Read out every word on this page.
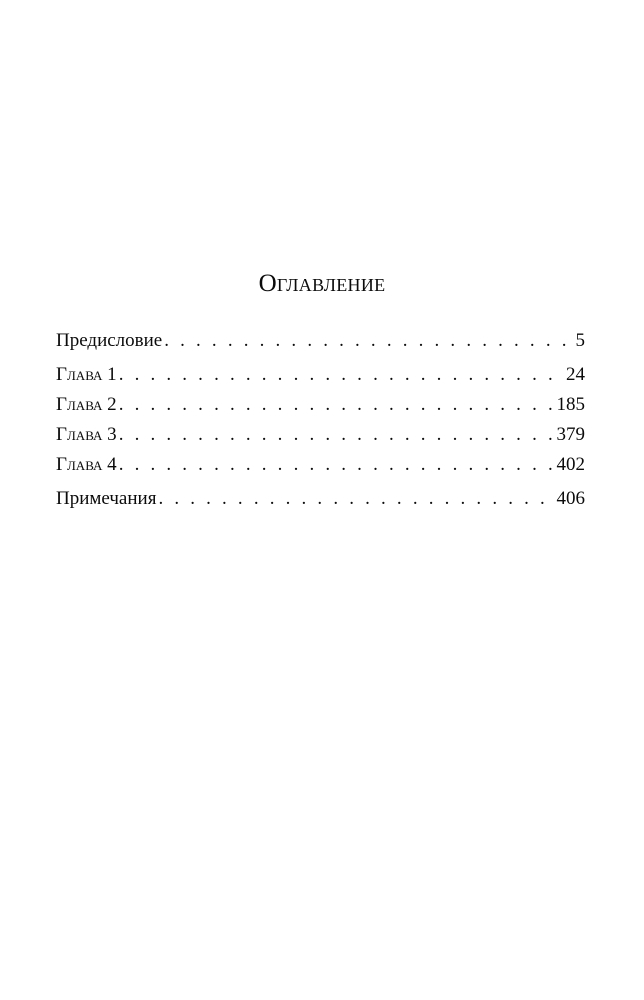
Оглавление
Предисловие . . .	5
Глава 1 . . .	24
Глава 2 . . .	185
Глава 3 . . .	379
Глава 4 . . .	402
Примечания . . .	406
